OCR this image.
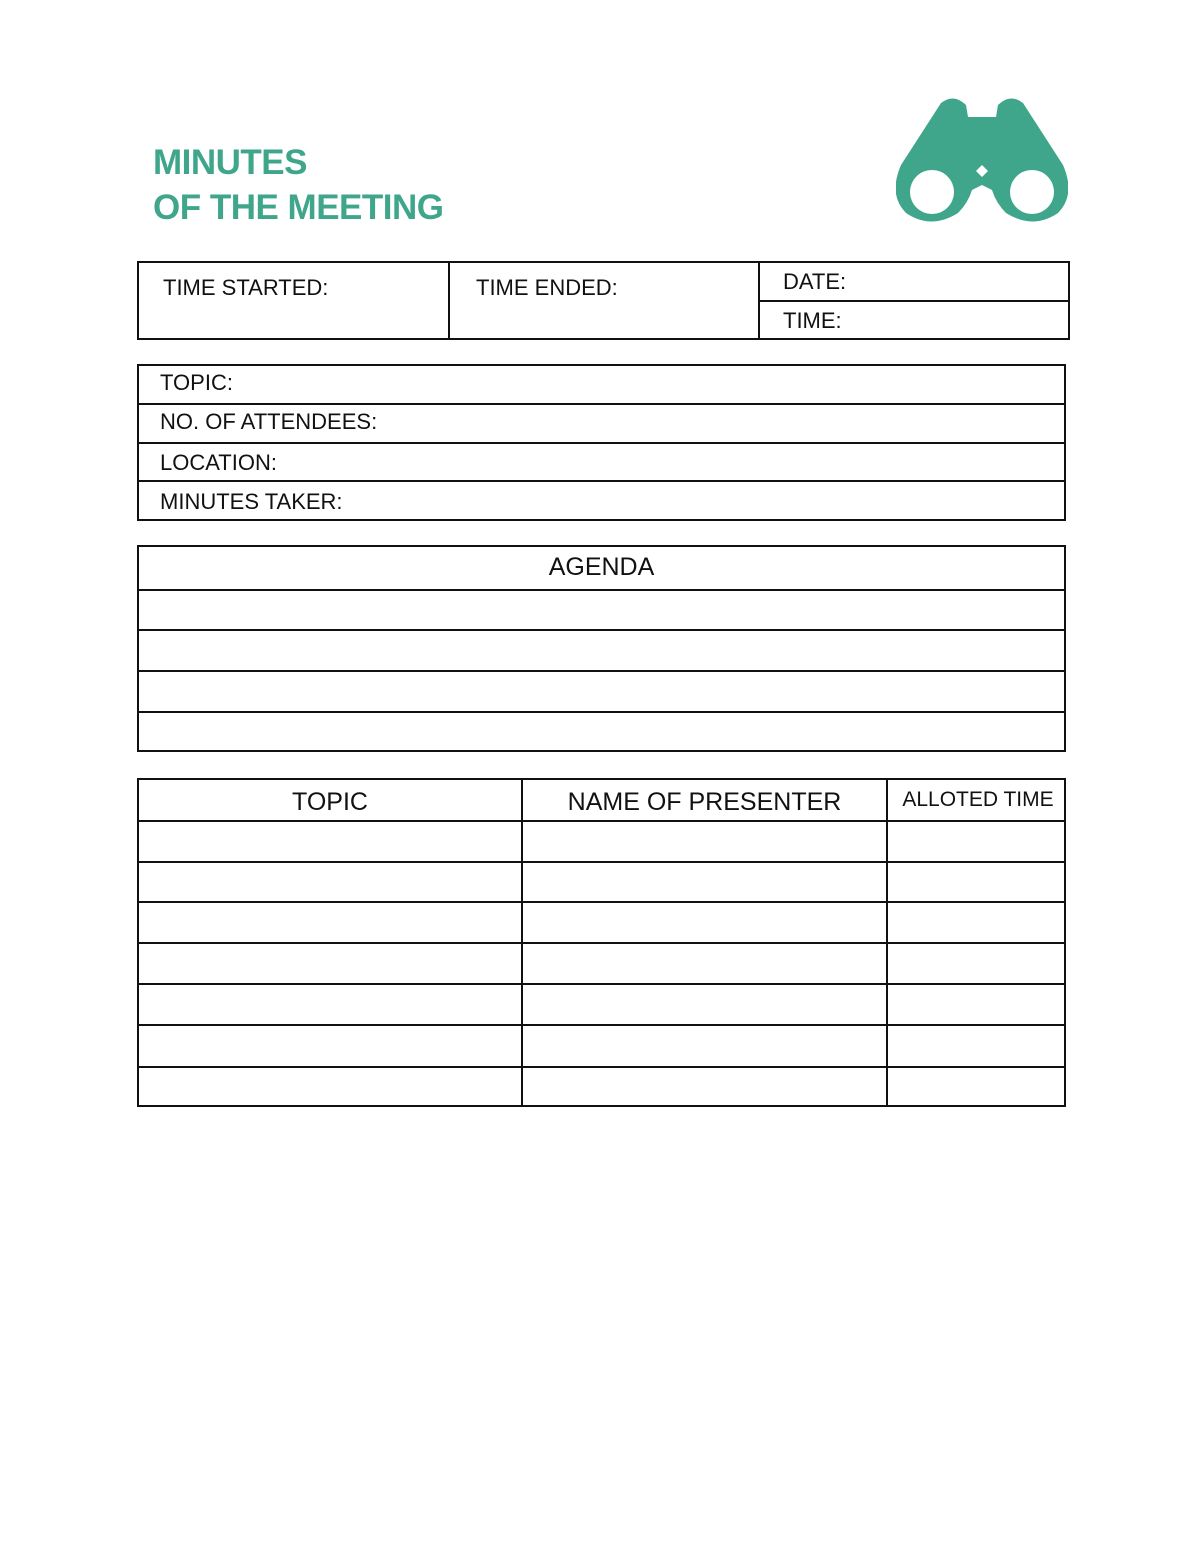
MINUTES
OF THE MEETING
TIME STARTED:	TIME ENDED:	DATE:
TIME:
TOPIC:
NO. OF ATTENDEES:
LOCATION:
MINUTES TAKER:
AGENDA
TOPIC	NAME OF PRESENTER	ALLOTED TIME
